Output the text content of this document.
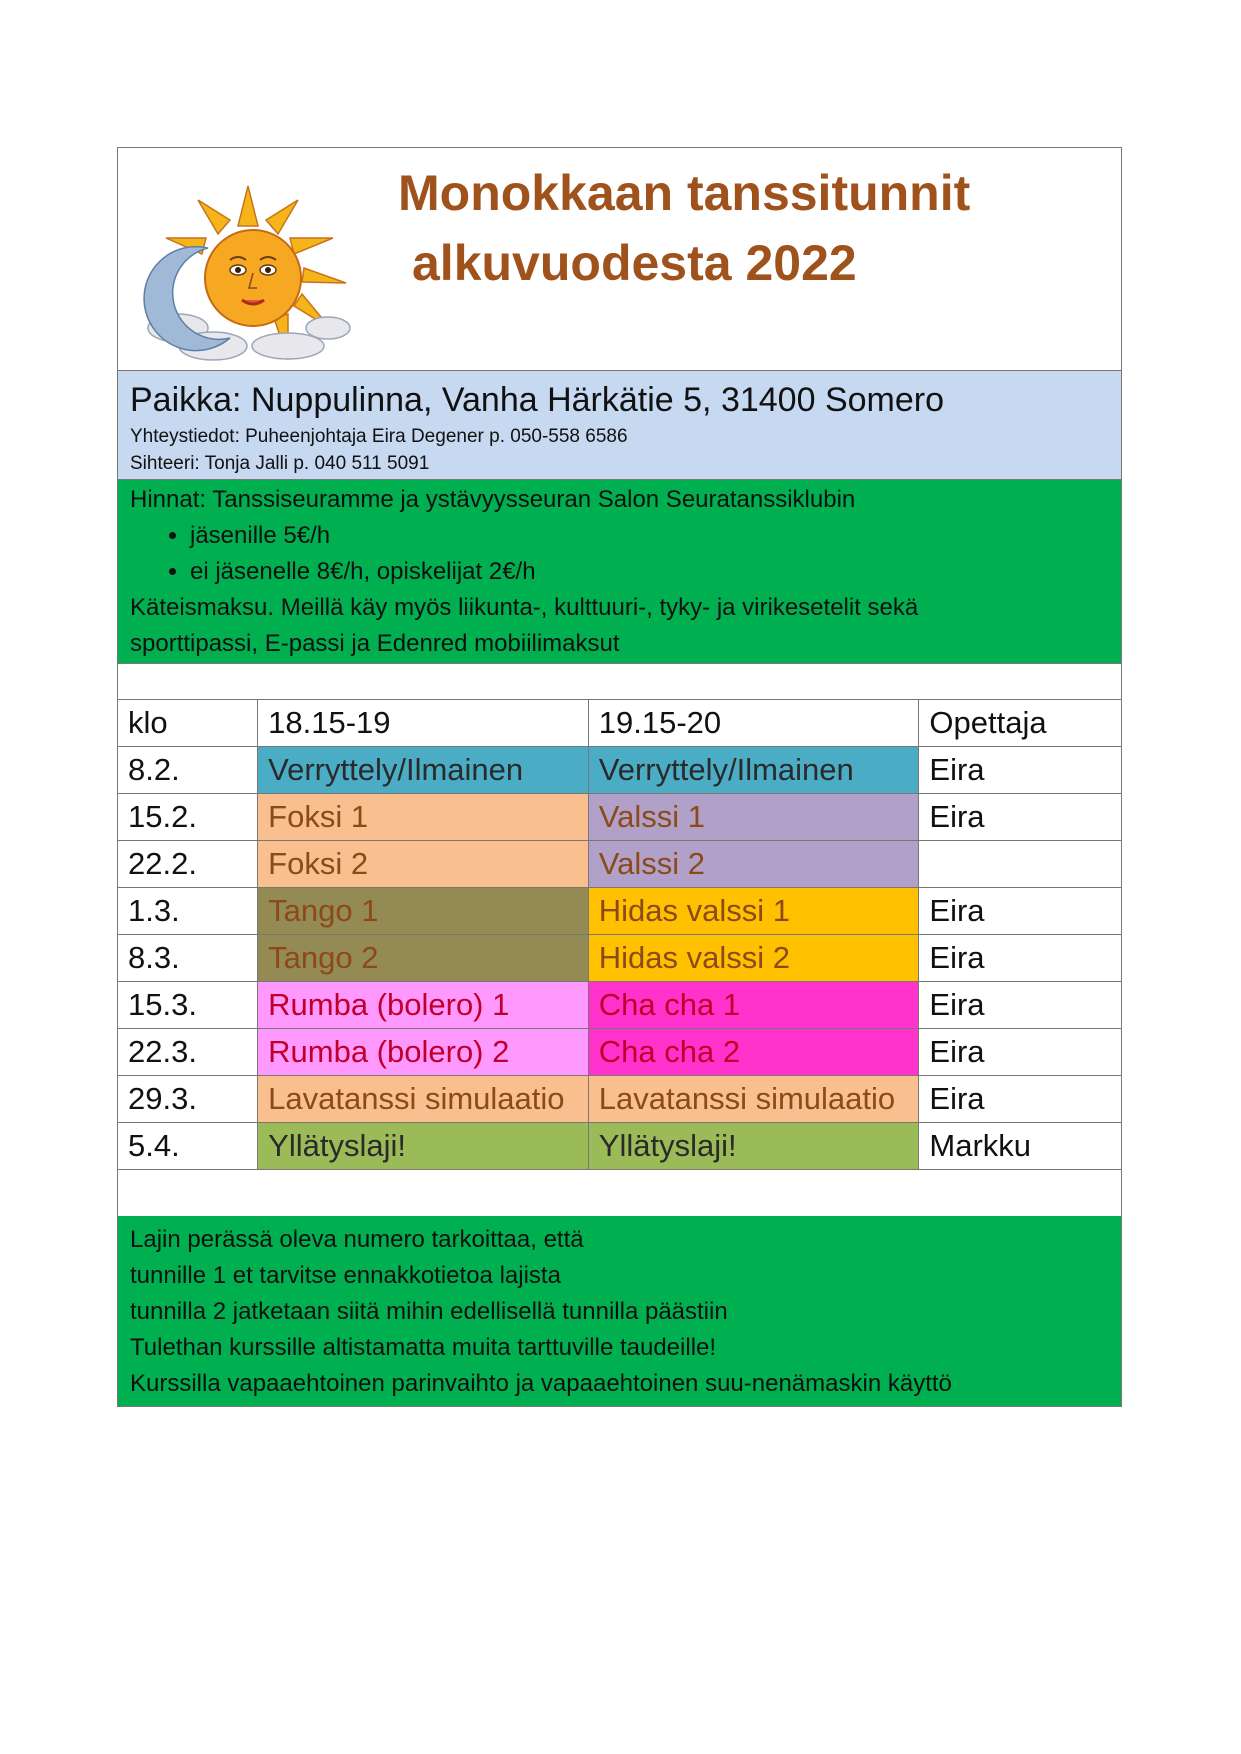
Monokkaan tanssitunnit
alkuvuodesta 2022
Paikka: Nuppulinna, Vanha Härkätie 5, 31400 Somero
Yhteystiedot: Puheenjohtaja Eira Degener p. 050-558 6586
Sihteeri: Tonja Jalli p. 040 511 5091
Hinnat: Tanssiseuramme ja ystävyysseuran Salon Seuratanssiklubin
• jäsenille 5€/h
• ei jäsenelle 8€/h, opiskelijat 2€/h
Käteismaksu. Meillä käy myös liikunta-, kulttuuri-, tyky- ja virikesetelit sekä
sporttipassi, E-passi ja Edenred mobiilimaksut
klo	18.15-19	19.15-20	Opettaja
8.2.	Verryttely/Ilmainen	Verryttely/Ilmainen	Eira
15.2.	Foksi 1	Valssi 1	Eira
22.2.	Foksi 2	Valssi 2	
1.3.	Tango 1	Hidas valssi 1	Eira
8.3.	Tango 2	Hidas valssi 2	Eira
15.3.	Rumba (bolero) 1	Cha cha 1	Eira
22.3.	Rumba (bolero) 2	Cha cha 2	Eira
29.3.	Lavatanssi simulaatio	Lavatanssi simulaatio	Eira
5.4.	Yllätyslaji!	Yllätyslaji!	Markku
Lajin perässä oleva numero tarkoittaa, että
tunnille 1 et tarvitse ennakkotietoa lajista
tunnilla 2 jatketaan siitä mihin edellisellä tunnilla päästiin
Tulethan kurssille altistamatta muita tarttuville taudeille!
Kurssilla vapaaehtoinen parinvaihto ja vapaaehtoinen suu-nenämaskin käyttö
